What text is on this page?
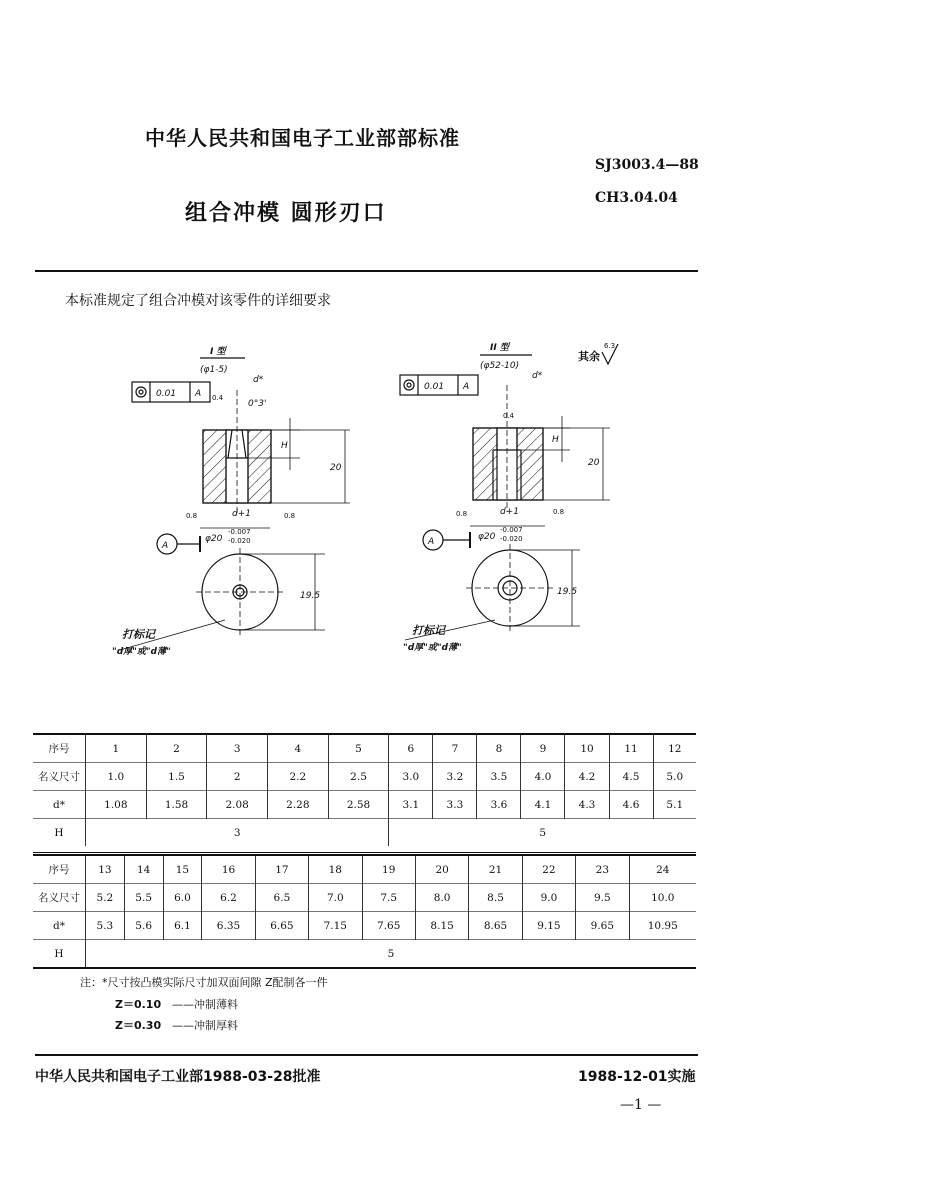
中华人民共和国电子工业部部标准
SJ3003.4—88
CH3.04.04
组合冲模 圆形刃口
本标准规定了组合冲模对该零件的详细要求
I 型
(φ1-5)
0.01 A
d*
0°3'
0.4
H
20
d+1
0.8	0.8
φ20
-0.007
-0.020
A
19.5
打标记
"d厚"或"d薄"
II 型
(φ52-10)
其余
6.3
0.01 A
d*
0.4
H
20
d+1
0.8	0.8
φ20
-0.007
-0.020
A
19.5
打标记
"d厚"或"d薄"
序号	1	2	3	4	5	6	7	8	9	10	11	12
名义尺寸	1.0	1.5	2	2.2	2.5	3.0	3.2	3.5	4.0	4.2	4.5	5.0
d*	1.08	1.58	2.08	2.28	2.58	3.1	3.3	3.6	4.1	4.3	4.6	5.1
H	3					5						
序号	13	14	15	16	17	18	19	20	21	22	23	24
名义尺寸	5.2	5.5	6.0	6.2	6.5	7.0	7.5	8.0	8.5	9.0	9.5	10.0
d*	5.3	5.6	6.1	6.35	6.65	7.15	7.65	8.15	8.65	9.15	9.65	10.95
H	5											
注：*尺寸按凸模实际尺寸加双面间隙 Z配制各一件
Z＝0.10 ——冲制薄料
Z＝0.30 ——冲制厚料
中华人民共和国电子工业部1988-03-28批准	1988-12-01实施
—1 —
